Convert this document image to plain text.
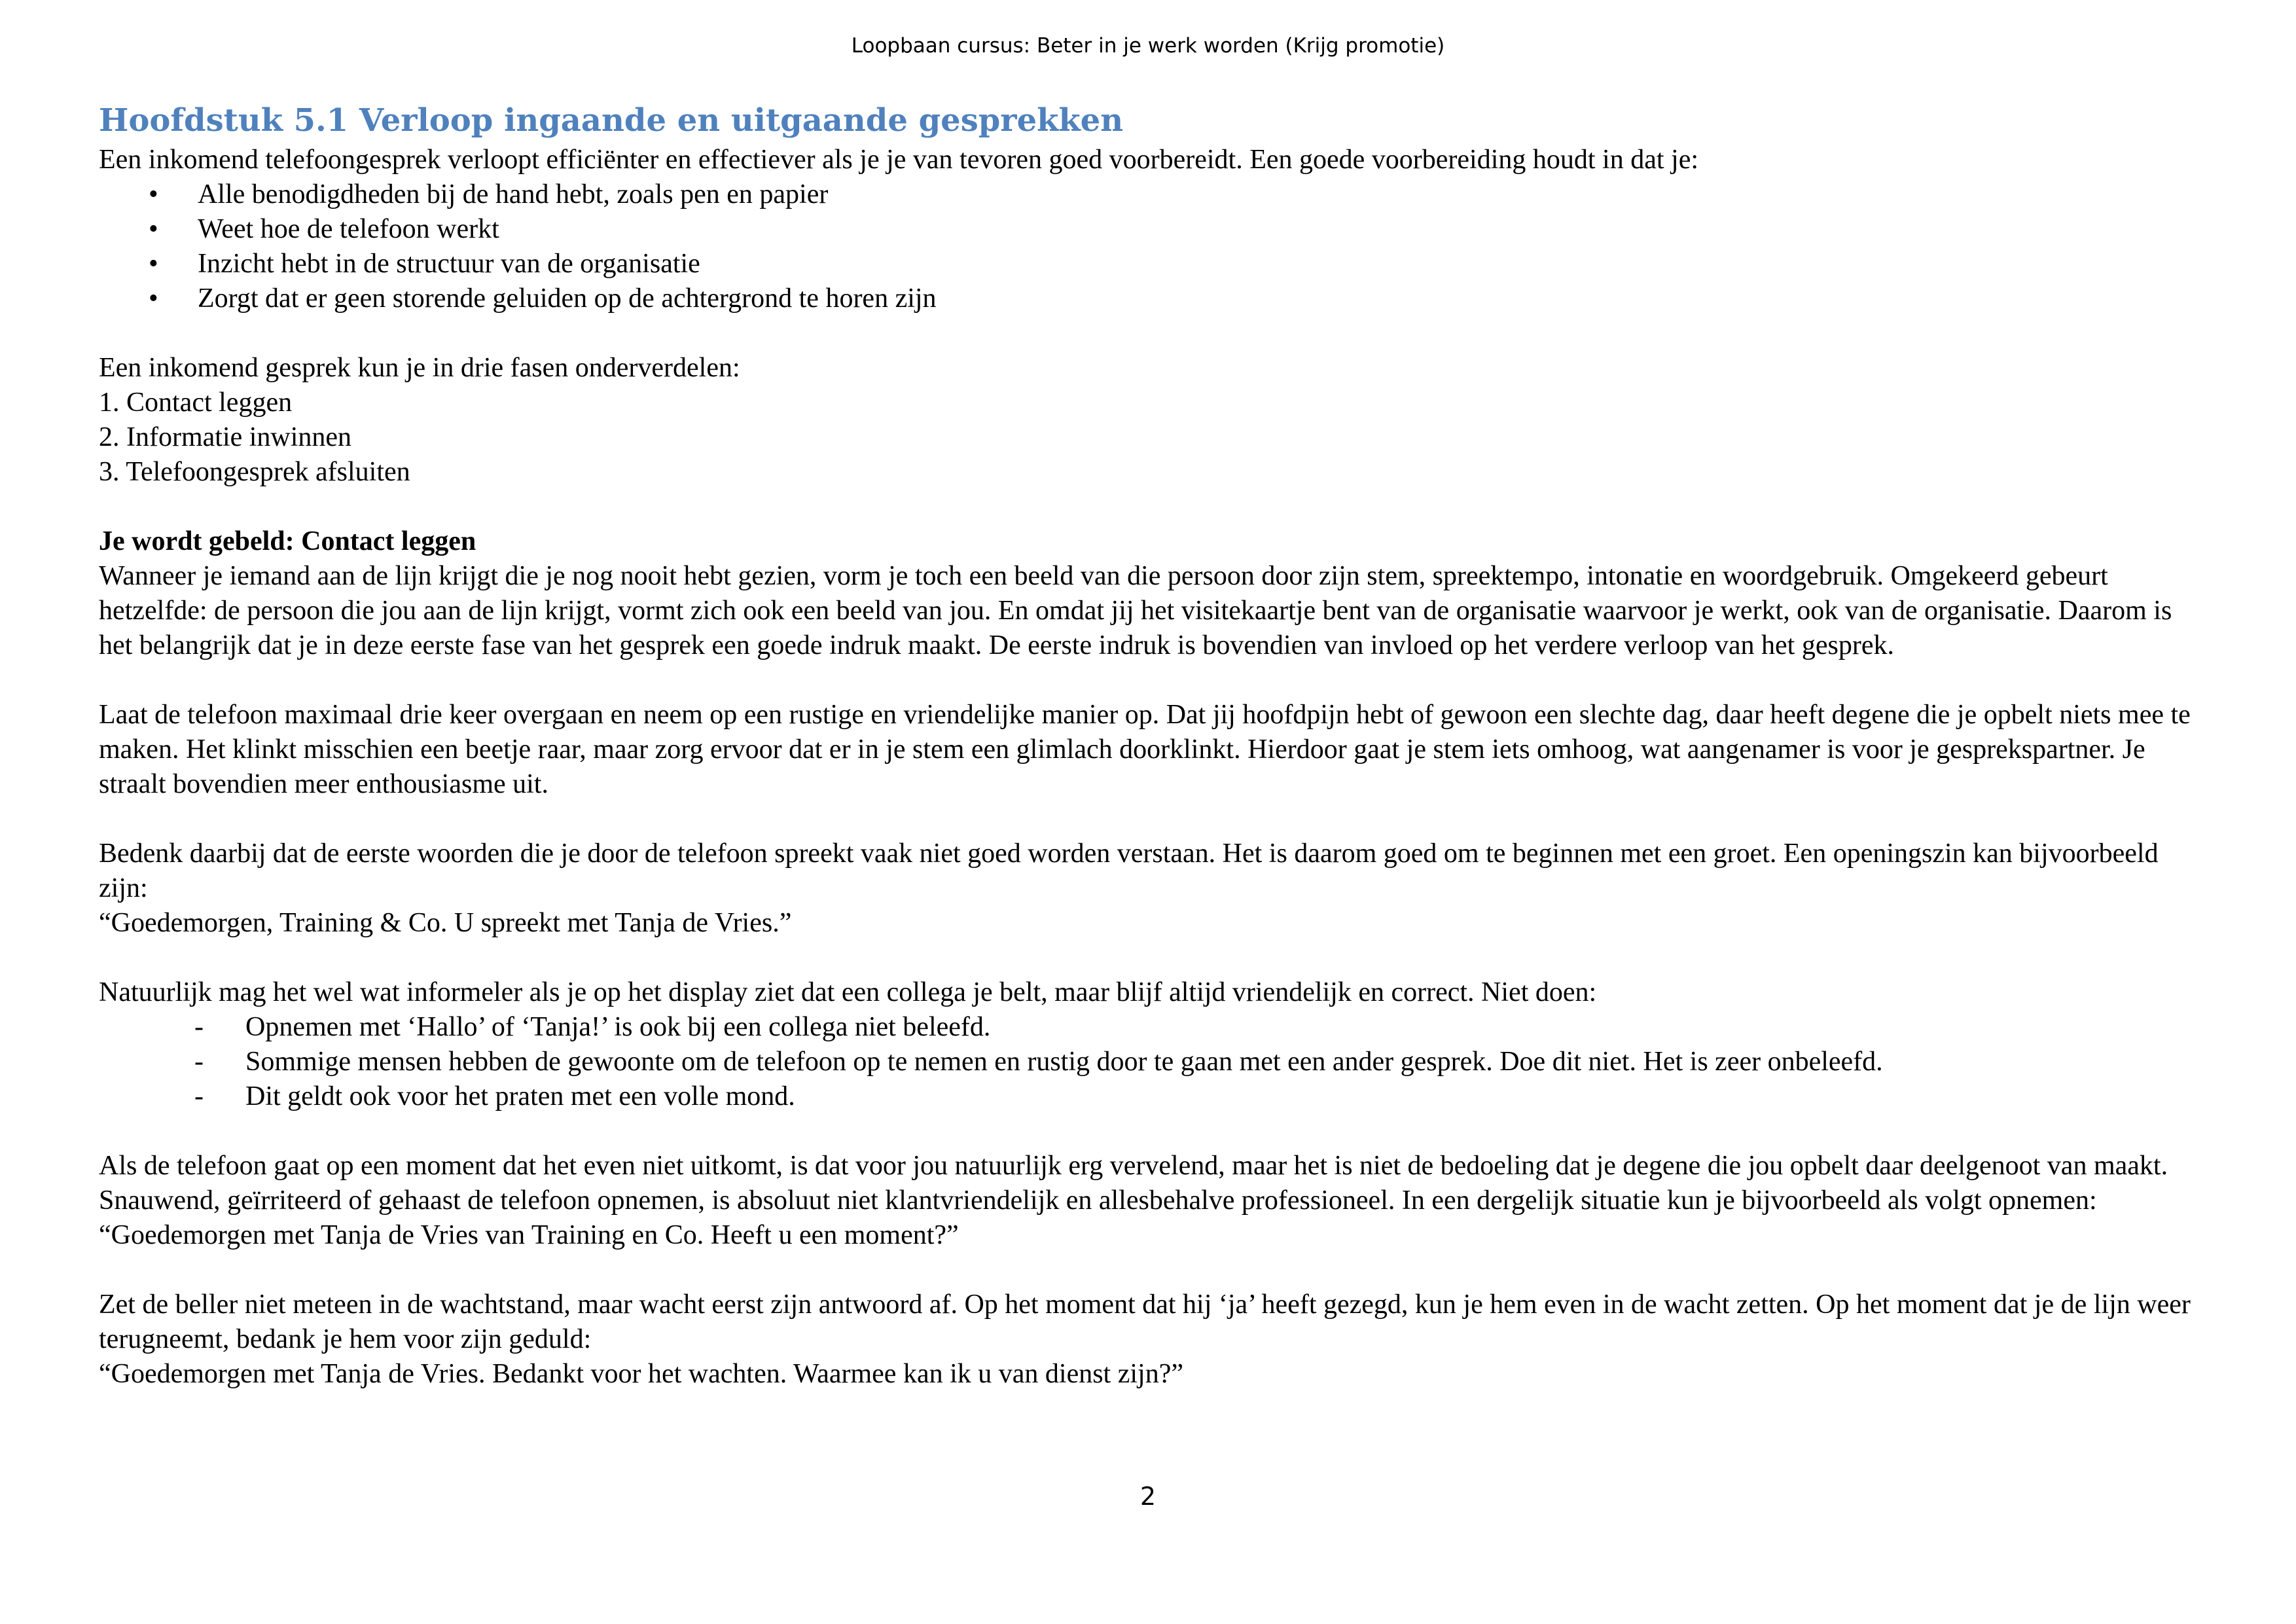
Loopbaan cursus: Beter in je werk worden (Krijg promotie)
Hoofdstuk 5.1 Verloop ingaande en uitgaande gesprekken

Een inkomend telefoongesprek verloopt efficiënter en effectiever als je je van tevoren goed voorbereidt. Een goede voorbereiding houdt in dat je:

• Alle benodigdheden bij de hand hebt, zoals pen en papier
• Weet hoe de telefoon werkt
• Inzicht hebt in de structuur van de organisatie
• Zorgt dat er geen storende geluiden op de achtergrond te horen zijn

Een inkomend gesprek kun je in drie fasen onderverdelen:

1. Contact leggen

2. Informatie inwinnen

3. Telefoongesprek afsluiten

Je wordt gebeld: Contact leggen

Wanneer je iemand aan de lijn krijgt die je nog nooit hebt gezien, vorm je toch een beeld van die persoon door zijn stem, spreektempo, intonatie en woordgebruik. Omgekeerd gebeurt hetzelfde: de persoon die jou aan de lijn krijgt, vormt zich ook een beeld van jou. En omdat jij het visitekaartje bent van de organisatie waarvoor je werkt, ook van de organisatie. Daarom is het belangrijk dat je in deze eerste fase van het gesprek een goede indruk maakt. De eerste indruk is bovendien van invloed op het verdere verloop van het gesprek.

Laat de telefoon maximaal drie keer overgaan en neem op een rustige en vriendelijke manier op. Dat jij hoofdpijn hebt of gewoon een slechte dag, daar heeft degene die je opbelt niets mee te maken. Het klinkt misschien een beetje raar, maar zorg ervoor dat er in je stem een glimlach doorklinkt. Hierdoor gaat je stem iets omhoog, wat aangenamer is voor je gesprekspartner. Je straalt bovendien meer enthousiasme uit.

Bedenk daarbij dat de eerste woorden die je door de telefoon spreekt vaak niet goed worden verstaan. Het is daarom goed om te beginnen met een groet. Een openingszin kan bijvoorbeeld zijn:

“Goedemorgen, Training & Co. U spreekt met Tanja de Vries.”

Natuurlijk mag het wel wat informeler als je op het display ziet dat een collega je belt, maar blijf altijd vriendelijk en correct. Niet doen:

- Opnemen met ‘Hallo’ of ‘Tanja!’ is ook bij een collega niet beleefd.
- Sommige mensen hebben de gewoonte om de telefoon op te nemen en rustig door te gaan met een ander gesprek. Doe dit niet. Het is zeer onbeleefd.
- Dit geldt ook voor het praten met een volle mond.

Als de telefoon gaat op een moment dat het even niet uitkomt, is dat voor jou natuurlijk erg vervelend, maar het is niet de bedoeling dat je degene die jou opbelt daar deelgenoot van maakt. Snauwend, geïrriteerd of gehaast de telefoon opnemen, is absoluut niet klantvriendelijk en allesbehalve professioneel. In een dergelijk situatie kun je bijvoorbeeld als volgt opnemen:

“Goedemorgen met Tanja de Vries van Training en Co. Heeft u een moment?”

Zet de beller niet meteen in de wachtstand, maar wacht eerst zijn antwoord af. Op het moment dat hij ‘ja’ heeft gezegd, kun je hem even in de wacht zetten. Op het moment dat je de lijn weer terugneemt, bedank je hem voor zijn geduld:

“Goedemorgen met Tanja de Vries. Bedankt voor het wachten. Waarmee kan ik u van dienst zijn?”

2
